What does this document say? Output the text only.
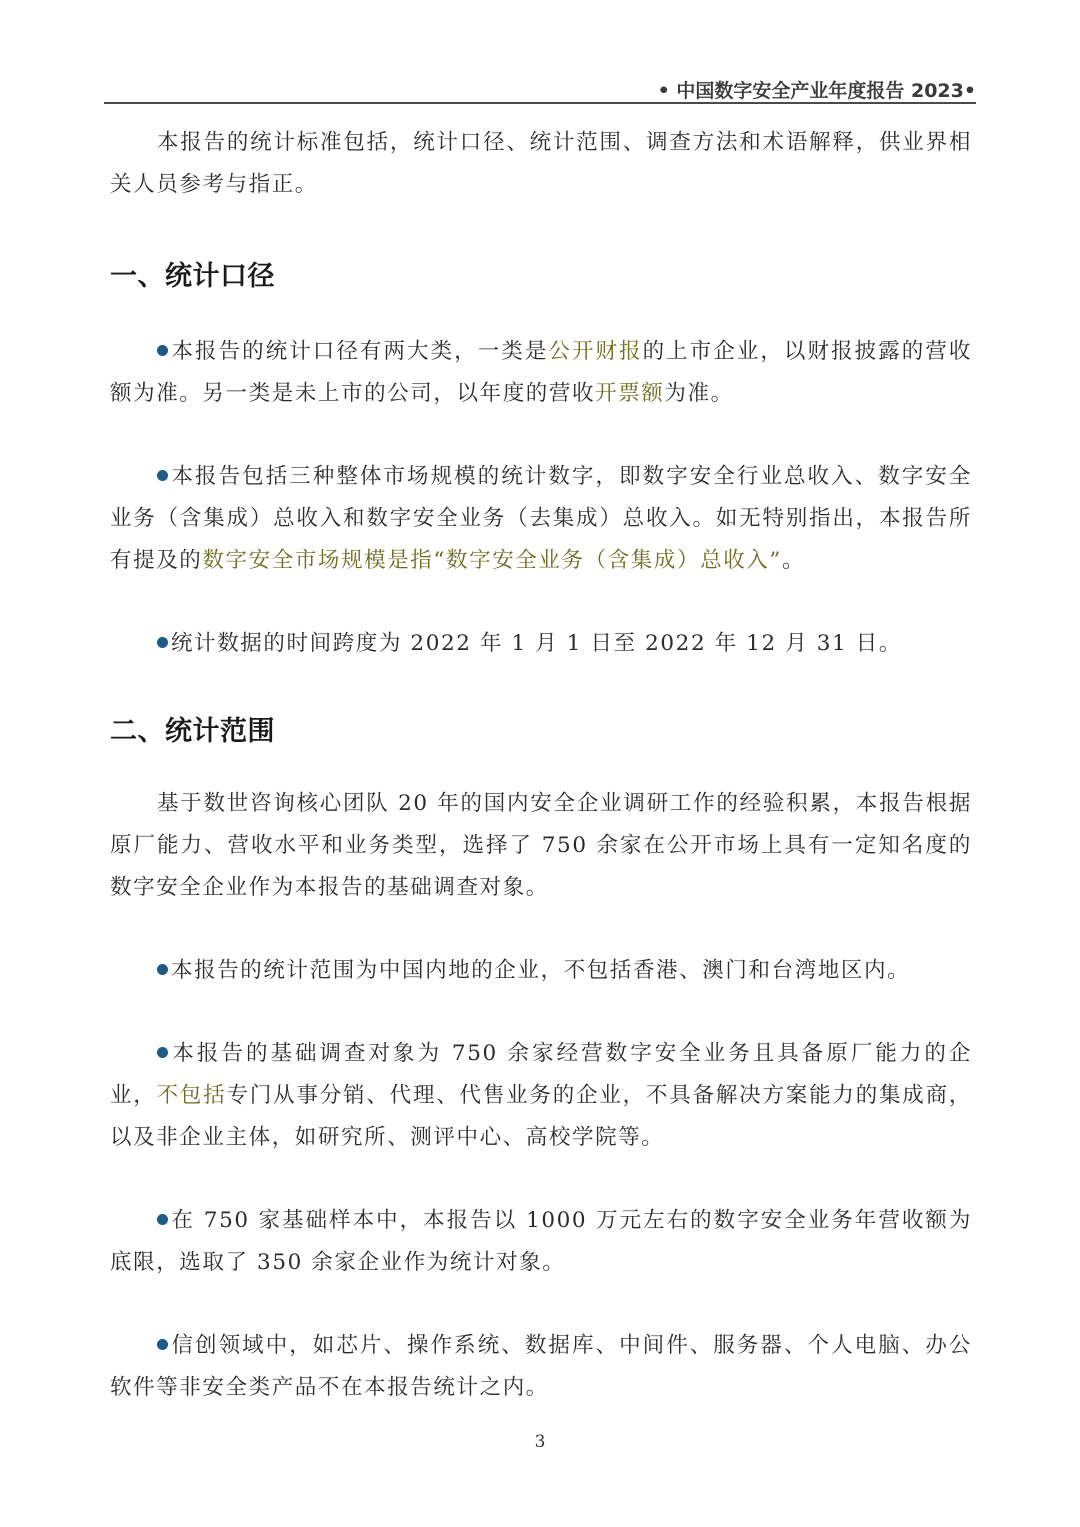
• 中国数字安全产业年度报告 2023•

本报告的统计标准包括，统计口径、统计范围、调查方法和术语解释，供业界相关人员参考与指正。

一、统计口径

本报告的统计口径有两大类，一类是公开财报的上市企业，以财报披露的营收额为准。另一类是未上市的公司，以年度的营收开票额为准。

本报告包括三种整体市场规模的统计数字，即数字安全行业总收入、数字安全业务（含集成）总收入和数字安全业务（去集成）总收入。如无特别指出，本报告所有提及的数字安全市场规模是指“数字安全业务（含集成）总收入”。

统计数据的时间跨度为 2022 年 1 月 1 日至 2022 年 12 月 31 日。

二、统计范围

基于数世咨询核心团队 20 年的国内安全企业调研工作的经验积累，本报告根据原厂能力、营收水平和业务类型，选择了 750 余家在公开市场上具有一定知名度的数字安全企业作为本报告的基础调查对象。

本报告的统计范围为中国内地的企业，不包括香港、澳门和台湾地区内。

本报告的基础调查对象为 750 余家经营数字安全业务且具备原厂能力的企业，不包括专门从事分销、代理、代售业务的企业，不具备解决方案能力的集成商，以及非企业主体，如研究所、测评中心、高校学院等。

在 750 家基础样本中，本报告以 1000 万元左右的数字安全业务年营收额为底限，选取了 350 余家企业作为统计对象。

信创领域中，如芯片、操作系统、数据库、中间件、服务器、个人电脑、办公软件等非安全类产品不在本报告统计之内。

3
